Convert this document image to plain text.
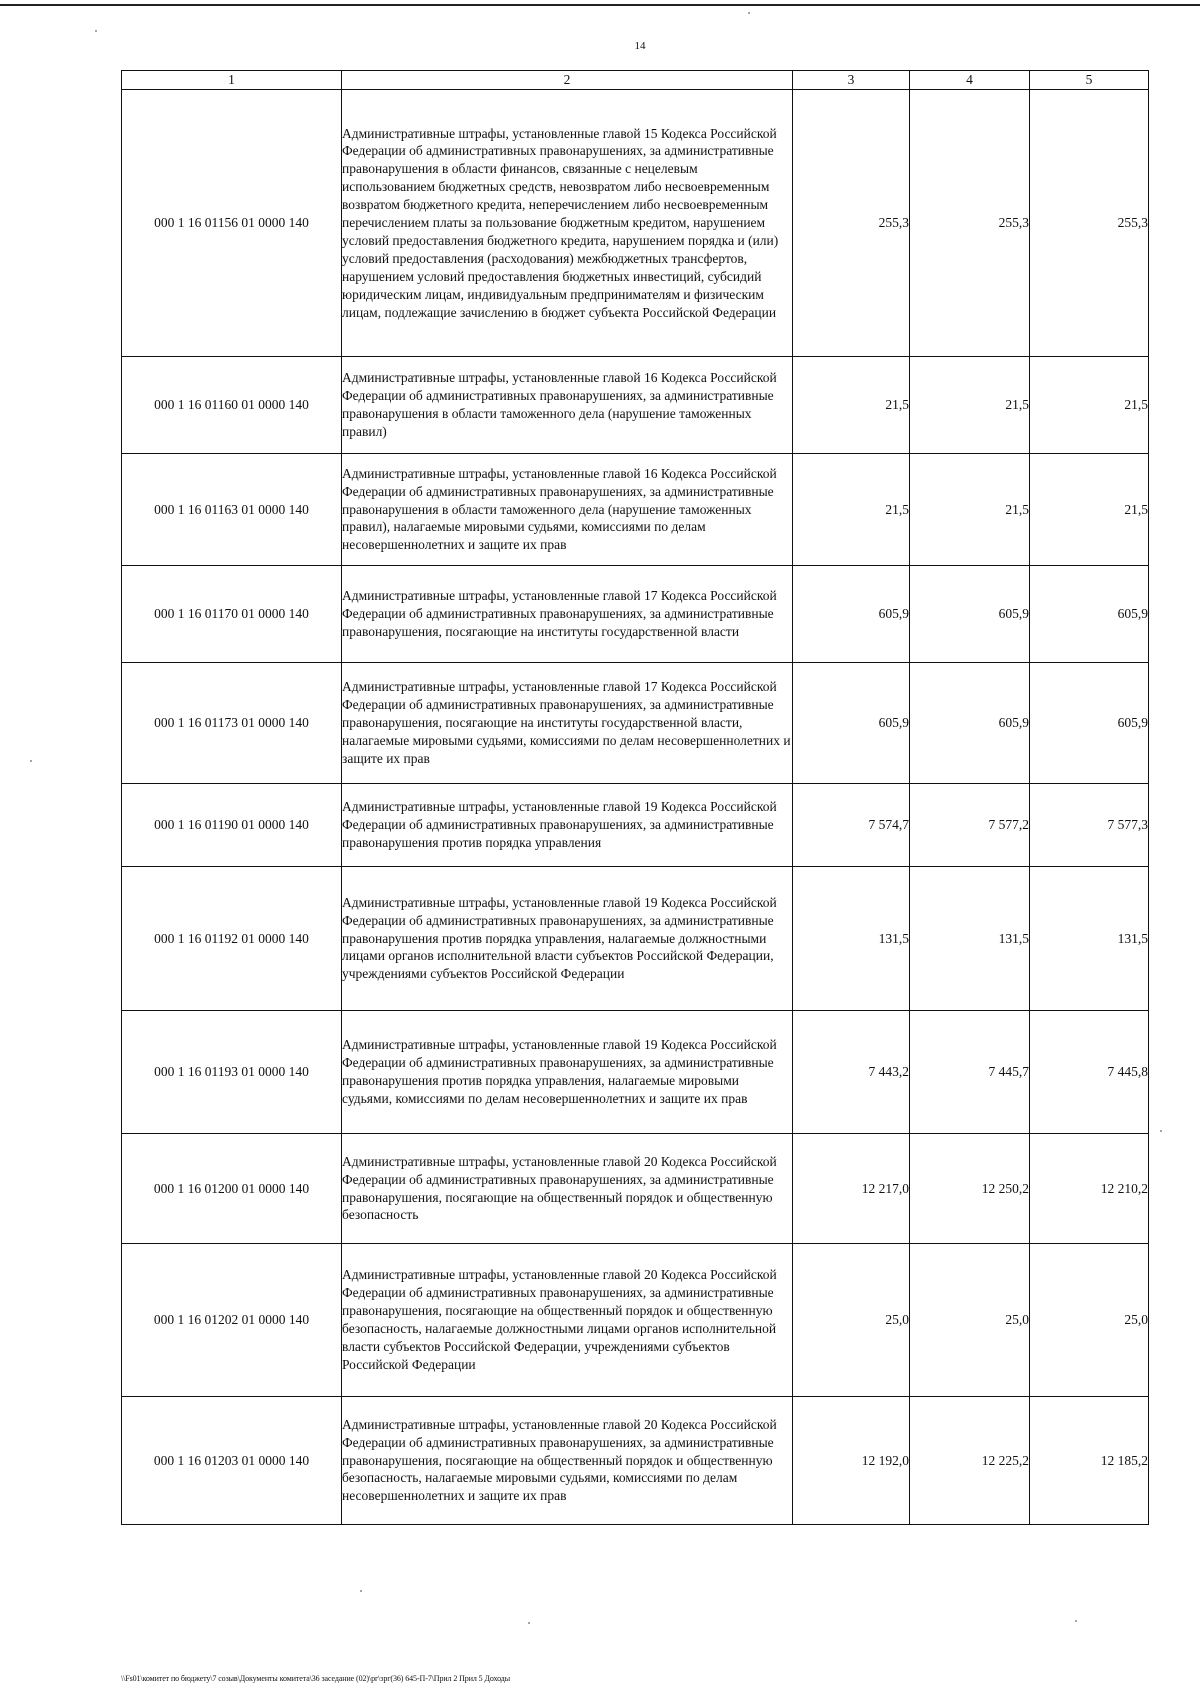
14
1	2	3	4	5
000 1 16 01156 01 0000 140	Административные штрафы, установленные главой 15 Кодекса Российской Федерации об административных правонарушениях, за административные правонарушения в области финансов, связанные с нецелевым использованием бюджетных средств, невозвратом либо несвоевременным возвратом бюджетного кредита, неперечислением либо несвоевременным перечислением платы за пользование бюджетным кредитом, нарушением условий предоставления бюджетного кредита, нарушением порядка и (или) условий предоставления (расходования) межбюджетных трансфертов, нарушением условий предоставления бюджетных инвестиций, субсидий юридическим лицам, индивидуальным предпринимателям и физическим лицам, подлежащие зачислению в бюджет субъекта Российской Федерации	255,3	255,3	255,3
000 1 16 01160 01 0000 140	Административные штрафы, установленные главой 16 Кодекса Российской Федерации об административных правонарушениях, за административные правонарушения в области таможенного дела (нарушение таможенных правил)	21,5	21,5	21,5
000 1 16 01163 01 0000 140	Административные штрафы, установленные главой 16 Кодекса Российской Федерации об административных правонарушениях, за административные правонарушения в области таможенного дела (нарушение таможенных правил), налагаемые мировыми судьями, комиссиями по делам несовершеннолетних и защите их прав	21,5	21,5	21,5
000 1 16 01170 01 0000 140	Административные штрафы, установленные главой 17 Кодекса Российской Федерации об административных правонарушениях, за административные правонарушения, посягающие на институты государственной власти	605,9	605,9	605,9
000 1 16 01173 01 0000 140	Административные штрафы, установленные главой 17 Кодекса Российской Федерации об административных правонарушениях, за административные правонарушения, посягающие на институты государственной власти, налагаемые мировыми судьями, комиссиями по делам несовершеннолетних и защите их прав	605,9	605,9	605,9
000 1 16 01190 01 0000 140	Административные штрафы, установленные главой 19 Кодекса Российской Федерации об административных правонарушениях, за административные правонарушения против порядка управления	7 574,7	7 577,2	7 577,3
000 1 16 01192 01 0000 140	Административные штрафы, установленные главой 19 Кодекса Российской Федерации об административных правонарушениях, за административные правонарушения против порядка управления, налагаемые должностными лицами органов исполнительной власти субъектов Российской Федерации, учреждениями субъектов Российской Федерации	131,5	131,5	131,5
000 1 16 01193 01 0000 140	Административные штрафы, установленные главой 19 Кодекса Российской Федерации об административных правонарушениях, за административные правонарушения против порядка управления, налагаемые мировыми судьями, комиссиями по делам несовершеннолетних и защите их прав	7 443,2	7 445,7	7 445,8
000 1 16 01200 01 0000 140	Административные штрафы, установленные главой 20 Кодекса Российской Федерации об административных правонарушениях, за административные правонарушения, посягающие на общественный порядок и общественную безопасность	12 217,0	12 250,2	12 210,2
000 1 16 01202 01 0000 140	Административные штрафы, установленные главой 20 Кодекса Российской Федерации об административных правонарушениях, за административные правонарушения, посягающие на общественный порядок и общественную безопасность, налагаемые должностными лицами органов исполнительной власти субъектов Российской Федерации, учреждениями субъектов Российской Федерации	25,0	25,0	25,0
000 1 16 01203 01 0000 140	Административные штрафы, установленные главой 20 Кодекса Российской Федерации об административных правонарушениях, за административные правонарушения, посягающие на общественный порядок и общественную безопасность, налагаемые мировыми судьями, комиссиями по делам несовершеннолетних и защите их прав	12 192,0	12 225,2	12 185,2
\\Fs01\комитет по бюджету\7 созыв\Документы комитета\36 заседание (02)\рг\зрг(36) 645-П-7\Прил 2 Прил 5 Доходы
